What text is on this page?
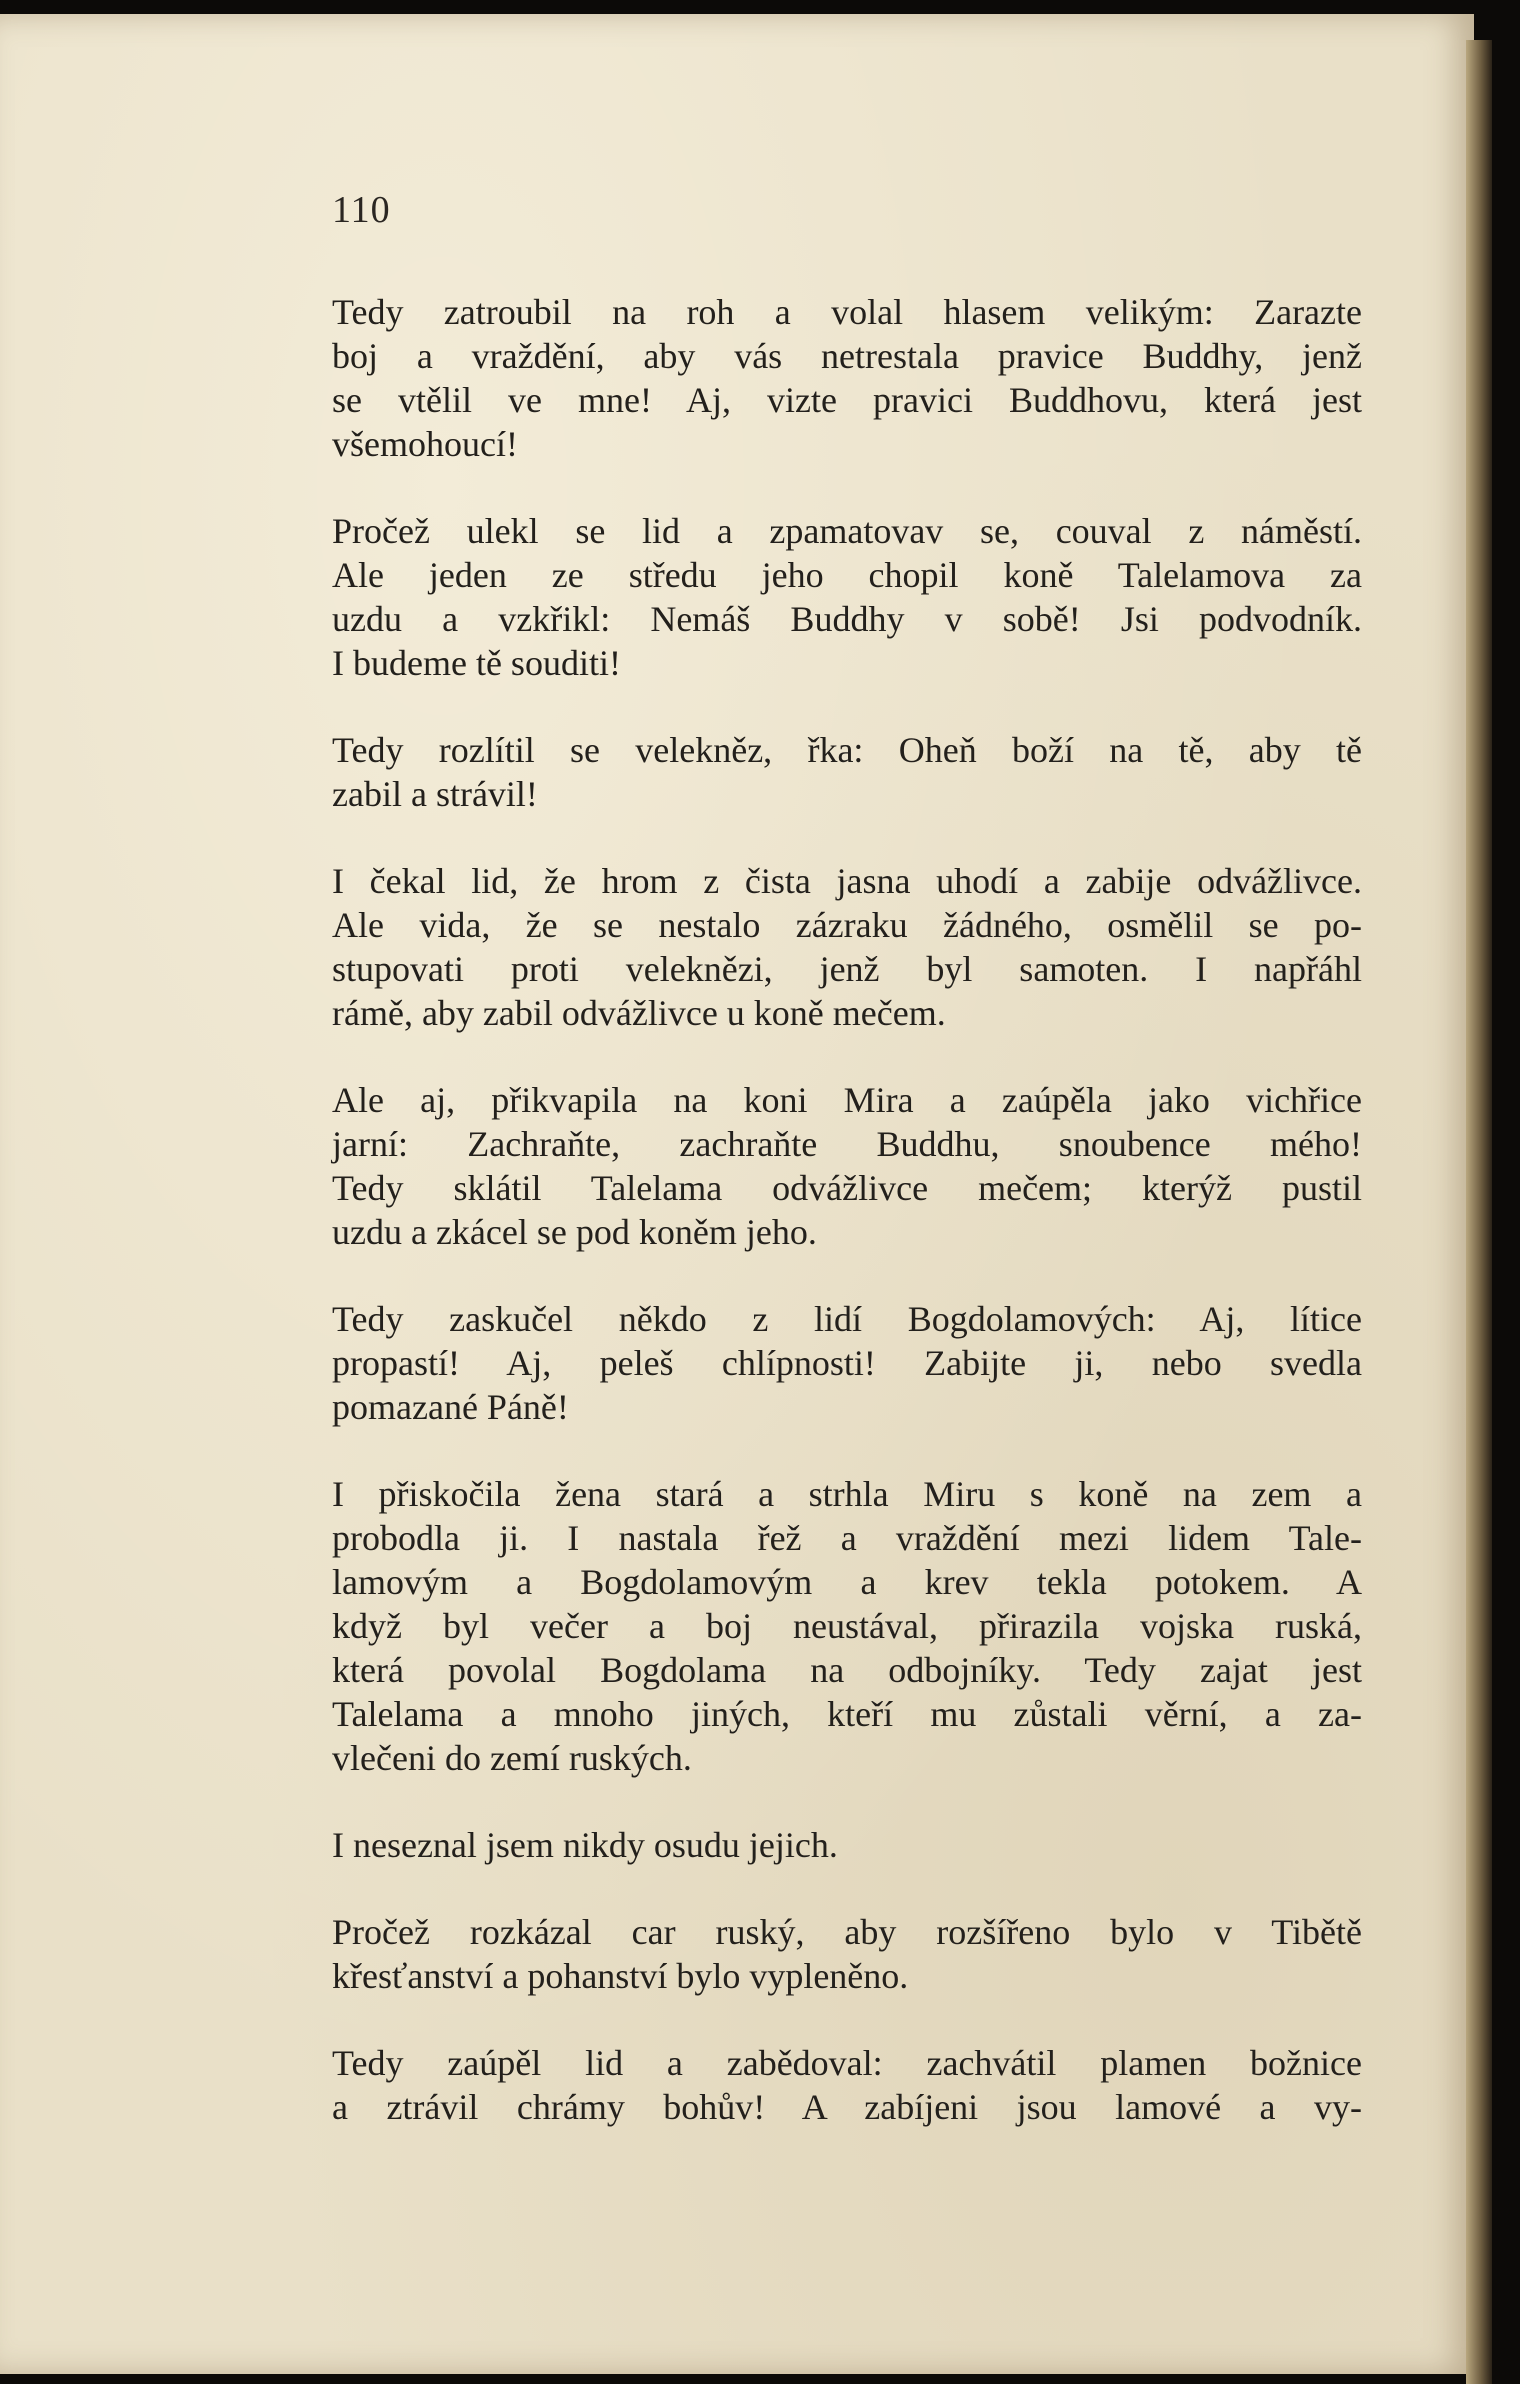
110

Tedy zatroubil na roh a volal hlasem velikým: Zarazte
boj a vraždění, aby vás netrestala pravice Buddhy, jenž
se vtělil ve mne! Aj, vizte pravici Buddhovu, která jest
všemohoucí!

Pročež ulekl se lid a zpamatovav se, couval z náměstí.
Ale jeden ze středu jeho chopil koně Talelamova za
uzdu a vzkřikl: Nemáš Buddhy v sobě! Jsi podvodník.
I budeme tě souditi!

Tedy rozlítil se velekněz, řka: Oheň boží na tě, aby tě
zabil a strávil!

I čekal lid, že hrom z čista jasna uhodí a zabije odvážlivce.
Ale vida, že se nestalo zázraku žádného, osmělil se po-
stupovati proti veleknězi, jenž byl samoten. I napřáhl
rámě, aby zabil odvážlivce u koně mečem.

Ale aj, přikvapila na koni Mira a zaúpěla jako vichřice
jarní: Zachraňte, zachraňte Buddhu, snoubence mého!
Tedy sklátil Talelama odvážlivce mečem; kterýž pustil
uzdu a zkácel se pod koněm jeho.

Tedy zaskučel někdo z lidí Bogdolamových: Aj, lítice
propastí! Aj, peleš chlípnosti! Zabijte ji, nebo svedla
pomazané Páně!

I přiskočila žena stará a strhla Miru s koně na zem a
probodla ji. I nastala řež a vraždění mezi lidem Tale-
lamovým a Bogdolamovým a krev tekla potokem. A
když byl večer a boj neustával, přirazila vojska ruská,
která povolal Bogdolama na odbojníky. Tedy zajat jest
Talelama a mnoho jiných, kteří mu zůstali věrní, a za-
vlečeni do zemí ruských.

I neseznal jsem nikdy osudu jejich.

Pročež rozkázal car ruský, aby rozšířeno bylo v Tibětě
křesťanství a pohanství bylo vypleněno.

Tedy zaúpěl lid a zabědoval: zachvátil plamen božnice
a ztrávil chrámy bohův! A zabíjeni jsou lamové a vy-
